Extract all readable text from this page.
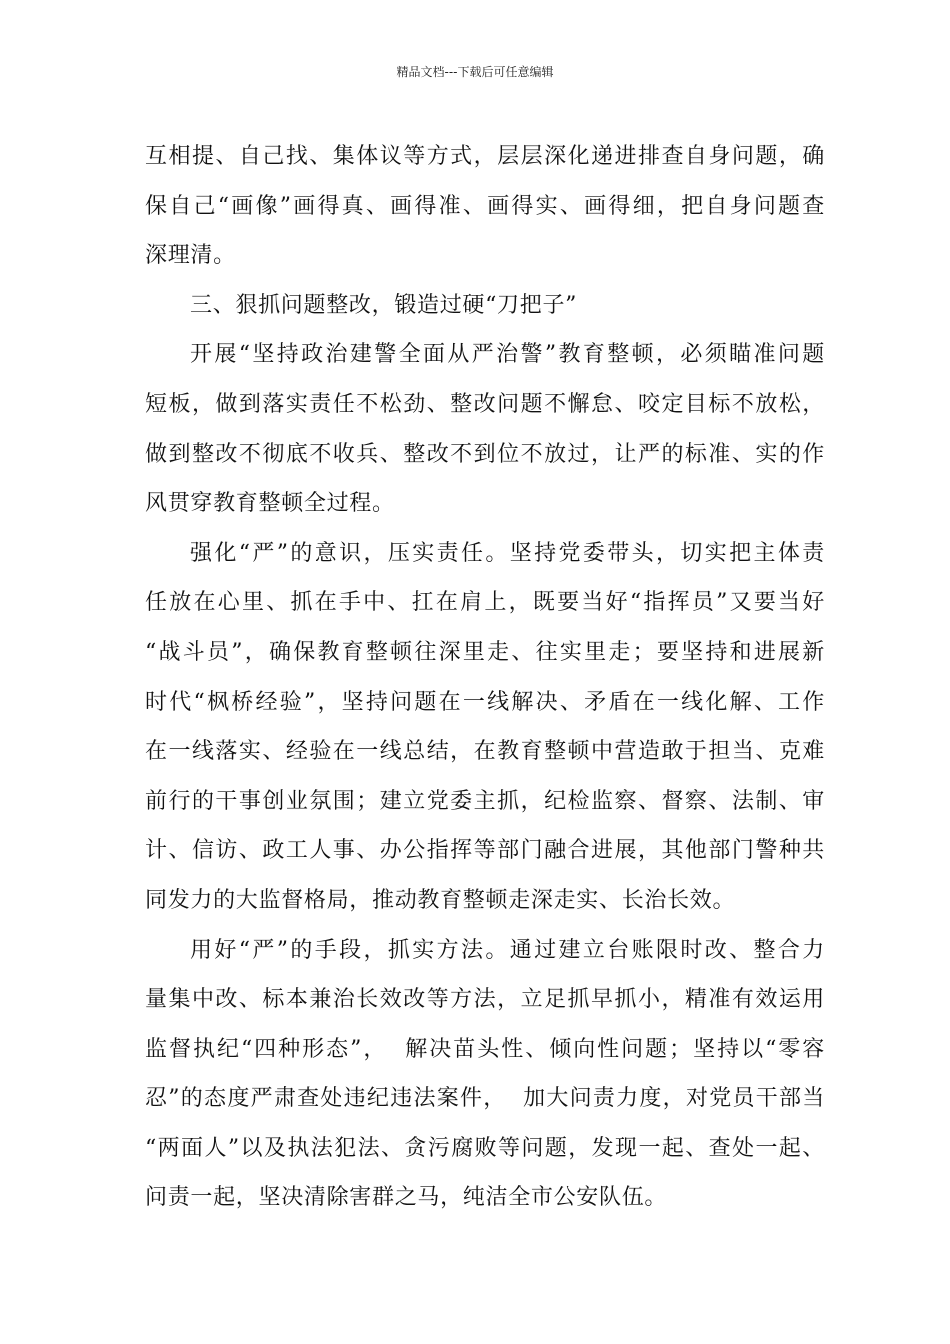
精品文档---下载后可任意编辑
互相提、自己找、集体议等方式，层层深化递进排查自身问题，确
保自己“画像”画得真、画得准、画得实、画得细，把自身问题查
深理清。
三、狠抓问题整改，锻造过硬“刀把子”
开展“坚持政治建警全面从严治警”教育整顿，必须瞄准问题
短板，做到落实责任不松劲、整改问题不懈怠、咬定目标不放松，
做到整改不彻底不收兵、整改不到位不放过，让严的标准、实的作
风贯穿教育整顿全过程。
强化“严”的意识，压实责任。坚持党委带头，切实把主体责
任放在心里、抓在手中、扛在肩上，既要当好“指挥员”又要当好
“战斗员”，确保教育整顿往深里走、往实里走；要坚持和进展新
时代“枫桥经验”，坚持问题在一线解决、矛盾在一线化解、工作
在一线落实、经验在一线总结，在教育整顿中营造敢于担当、克难
前行的干事创业氛围；建立党委主抓，纪检监察、督察、法制、审
计、信访、政工人事、办公指挥等部门融合进展，其他部门警种共
同发力的大监督格局，推动教育整顿走深走实、长治长效。
用好“严”的手段，抓实方法。通过建立台账限时改、整合力
量集中改、标本兼治长效改等方法，立足抓早抓小，精准有效运用
监督执纪“四种形态”，  解决苗头性、倾向性问题；坚持以“零容
忍”的态度严肃查处违纪违法案件，  加大问责力度，对党员干部当
“两面人”以及执法犯法、贪污腐败等问题，发现一起、查处一起、
问责一起，坚决清除害群之马，纯洁全市公安队伍。
